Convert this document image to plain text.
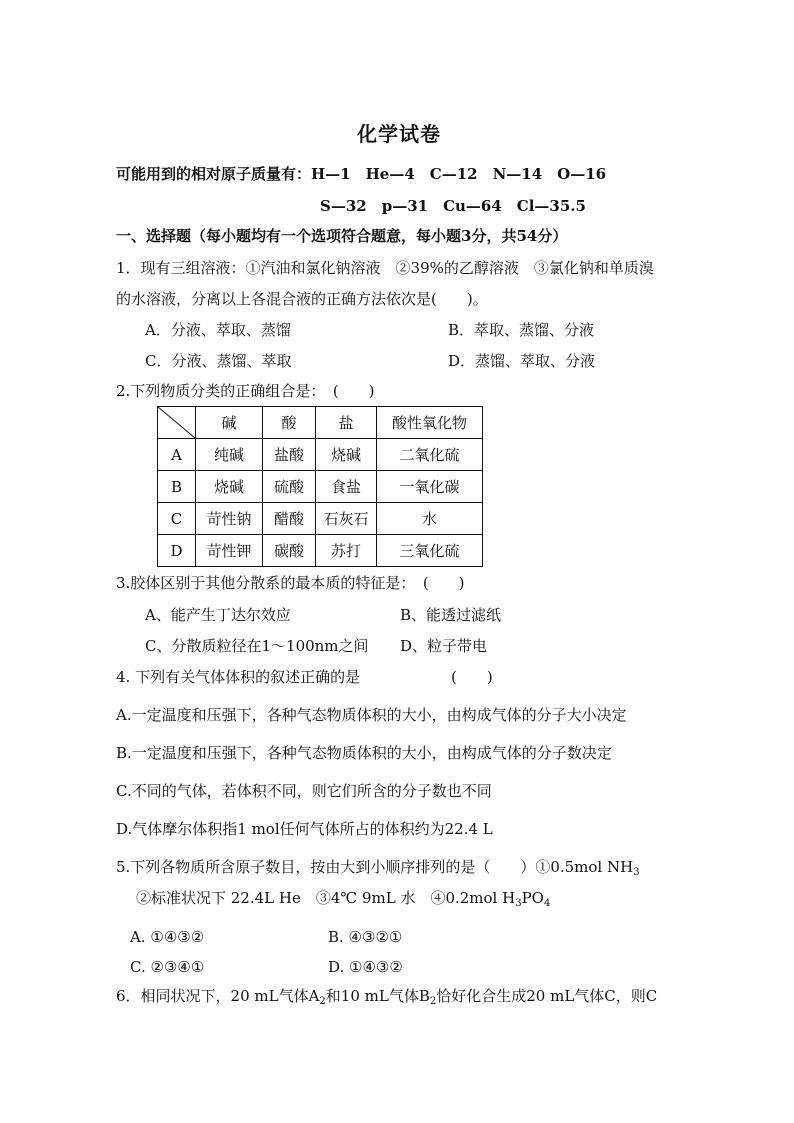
化学试卷
可能用到的相对原子质量有：H—1　He—4　C—12　N—14　O—16
S—32　p—31　Cu—64　Cl—35.5
一、选择题（每小题均有一个选项符合题意，每小题3分，共54分）
1．现有三组溶液：①汽油和氯化钠溶液　②39%的乙醇溶液　③氯化钠和单质溴
的水溶液，分离以上各混合液的正确方法依次是(　　)。
A．分液、萃取、蒸馏	B．萃取、蒸馏、分液
C．分液、蒸馏、萃取	D．蒸馏、萃取、分液
2.下列物质分类的正确组合是：　(　　)
	碱	酸	盐	酸性氧化物
A	纯碱	盐酸	烧碱	二氧化硫
B	烧碱	硫酸	食盐	一氧化碳
C	苛性钠	醋酸	石灰石	水
D	苛性钾	碳酸	苏打	三氧化硫
3.胶体区别于其他分散系的最本质的特征是：　(　　)
A、能产生丁达尔效应	B、能透过滤纸
C、分散质粒径在1～100nm之间 D、粒子带电
4. 下列有关气体体积的叙述正确的是	(　　)
A.一定温度和压强下，各种气态物质体积的大小，由构成气体的分子大小决定
B.一定温度和压强下，各种气态物质体积的大小，由构成气体的分子数决定
C.不同的气体，若体积不同，则它们所含的分子数也不同
D.气体摩尔体积指1 mol任何气体所占的体积约为22.4 L
5.下列各物质所含原子数目，按由大到小顺序排列的是（　　）①0.5mol $NH_3$
②标准状况下 22.4L He　③4℃ 9mL 水　④0.2mol $H_3PO_4$
A. ①④③②	B. ④③②①
C. ②③④①	D. ①④③②
6．相同状况下，20 mL气体$A_2$和10 mL气体$B_2$恰好化合生成20 mL气体C，则C
